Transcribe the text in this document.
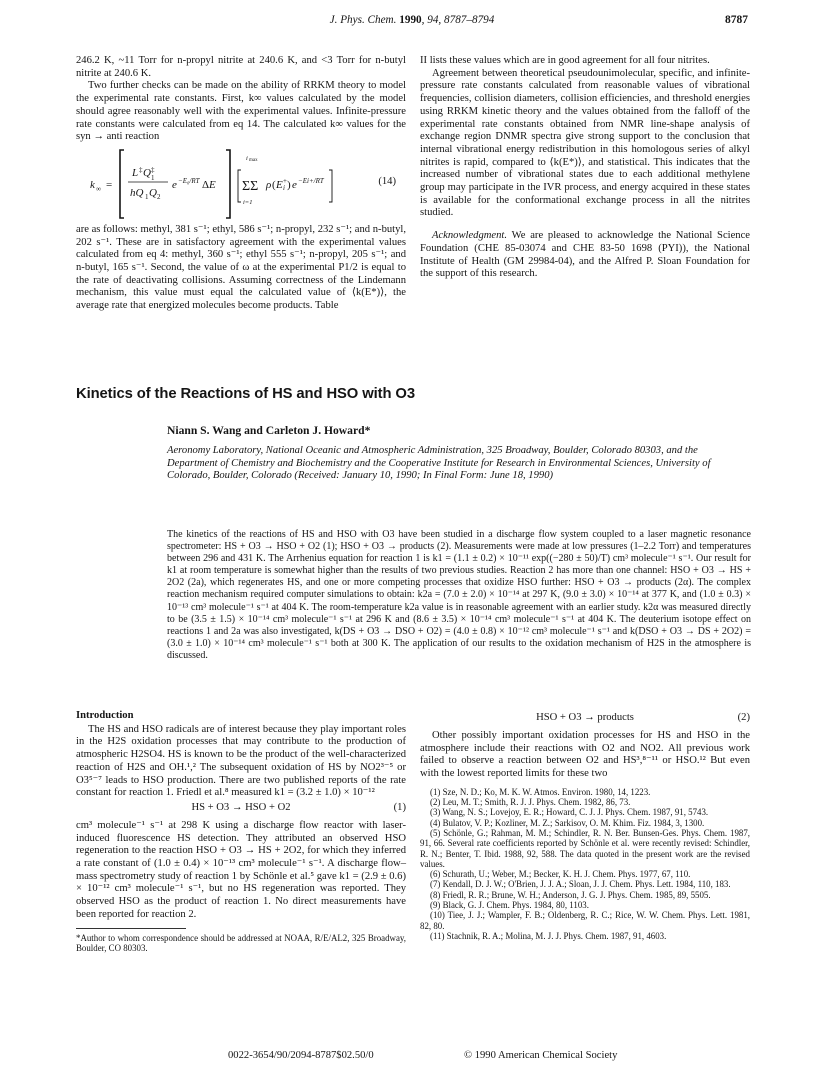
J. Phys. Chem. 1990, 94, 8787–8794	8787

246.2 K, ~11 Torr for n-propyl nitrite at 240.6 K, and <3 Torr for n-butyl nitrite at 240.6 K.

Two further checks can be made on the ability of RRKM theory to model the experimental rate constants. First, k∞ values calculated by the model should agree reasonably well with the experimental values. Infinite-pressure rate constants were calculated from eq 14. The calculated k∞ values for the syn → anti reaction

k ∞ =
L ‡ Q ‡
1
hQ 1 Q 2
e −E₀/RT Δ E
i max
ΣΣ
i=1
ρ ( E i
+ ) e −Ei+/RT	(14)

are as follows: methyl, 381 s⁻¹; ethyl, 586 s⁻¹; n-propyl, 232 s⁻¹; and n-butyl, 202 s⁻¹. These are in satisfactory agreement with the experimental values calculated from eq 4: methyl, 360 s⁻¹; ethyl 555 s⁻¹; n-propyl, 205 s⁻¹; and n-butyl, 165 s⁻¹. Second, the value of ω at the experimental P1/2 is equal to the rate of deactivating collisions. Assuming correctness of the Lindemann mechanism, this value must equal the calculated value of ⟨k(E*)⟩, the average rate that energized molecules become products. Table

II lists these values which are in good agreement for all four nitrites.

Agreement between theoretical pseudounimolecular, specific, and infinite-pressure rate constants calculated from reasonable values of vibrational frequencies, collision diameters, collision efficiencies, and threshold energies using RRKM kinetic theory and the values obtained from the falloff of the experimental rate constants obtained from NMR line-shape analysis of exchange region DNMR spectra give strong support to the conclusion that internal vibrational energy redistribution in this homologous series of alkyl nitrites is rapid, compared to ⟨k(E*)⟩, and statistical. This indicates that the increased number of vibrational states due to each additional methylene group may participate in the IVR process, and energy acquired in these states is available for the conformational exchange process in all the nitrites studied.

Acknowledgment. We are pleased to acknowledge the National Science Foundation (CHE 85-03074 and CHE 83-50 1698 (PYI)), the National Institute of Health (GM 29984-04), and the Alfred P. Sloan Foundation for the support of this research.

Kinetics of the Reactions of HS and HSO with O3
Niann S. Wang and Carleton J. Howard*
Aeronomy Laboratory, National Oceanic and Atmospheric Administration, 325 Broadway, Boulder, Colorado 80303, and the Department of Chemistry and Biochemistry and the Cooperative Institute for Research in Environmental Sciences, University of Colorado, Boulder, Colorado (Received: January 10, 1990; In Final Form: June 18, 1990)
The kinetics of the reactions of HS and HSO with O3 have been studied in a discharge flow system coupled to a laser magnetic resonance spectrometer: HS + O3 → HSO + O2 (1); HSO + O3 → products (2). Measurements were made at low pressures (1–2.2 Torr) and temperatures between 296 and 431 K. The Arrhenius equation for reaction 1 is k1 = (1.1 ± 0.2) × 10⁻¹¹ exp((−280 ± 50)/T) cm³ molecule⁻¹ s⁻¹. Our result for k1 at room temperature is somewhat higher than the results of two previous studies. Reaction 2 has more than one channel: HSO + O3 → HS + 2O2 (2a), which regenerates HS, and one or more competing processes that oxidize HSO further: HSO + O3 → products (2α). The complex reaction mechanism required computer simulations to obtain: k2a = (7.0 ± 2.0) × 10⁻¹⁴ at 297 K, (9.0 ± 3.0) × 10⁻¹⁴ at 377 K, and (1.0 ± 0.3) × 10⁻¹³ cm³ molecule⁻¹ s⁻¹ at 404 K. The room-temperature k2a value is in reasonable agreement with an earlier study. k2α was measured directly to be (3.5 ± 1.5) × 10⁻¹⁴ cm³ molecule⁻¹ s⁻¹ at 296 K and (8.6 ± 3.5) × 10⁻¹⁴ cm³ molecule⁻¹ s⁻¹ at 404 K. The deuterium isotope effect on reactions 1 and 2a was also investigated, k(DS + O3 → DSO + O2) = (4.0 ± 0.8) × 10⁻¹² cm³ molecule⁻¹ s⁻¹ and k(DSO + O3 → DS + 2O2) = (3.0 ± 1.0) × 10⁻¹⁴ cm³ molecule⁻¹ s⁻¹ both at 300 K. The application of our results to the oxidation mechanism of H2S in the atmosphere is discussed.
Introduction

The HS and HSO radicals are of interest because they play important roles in the H2S oxidation processes that may contribute to the production of atmospheric H2SO4. HS is known to be the product of the well-characterized reaction of H2S and OH.¹,² The subsequent oxidation of HS by NO2³⁻⁵ or O3⁵⁻⁷ leads to HSO production. There are two published reports of the rate constant for reaction 1. Friedl et al.⁸ measured k1 = (3.2 ± 1.0) × 10⁻¹²

HS + O3 → HSO + O2	(1)

cm³ molecule⁻¹ s⁻¹ at 298 K using a discharge flow reactor with laser-induced fluorescence HS detection. They attributed an observed HSO regeneration to the reaction HSO + O3 → HS + 2O2, for which they inferred a rate constant of (1.0 ± 0.4) × 10⁻¹³ cm³ molecule⁻¹ s⁻¹. A discharge flow–mass spectrometry study of reaction 1 by Schönle et al.⁵ gave k1 = (2.9 ± 0.6) × 10⁻¹² cm³ molecule⁻¹ s⁻¹, but no HS regeneration was reported. They observed HSO as the product of reaction 1. No direct measurements have been reported for reaction 2.

*Author to whom correspondence should be addressed at NOAA, R/E/AL2, 325 Broadway, Boulder, CO 80303.
HSO + O3 → products	(2)

Other possibly important oxidation processes for HS and HSO in the atmosphere include their reactions with O2 and NO2. All previous work failed to observe a reaction between O2 and HS³,⁸⁻¹¹ or HSO.¹² But even with the lowest reported limits for these two

(1) Sze, N. D.; Ko, M. K. W. Atmos. Environ. 1980, 14, 1223.

(2) Leu, M. T.; Smith, R. J. J. Phys. Chem. 1982, 86, 73.

(3) Wang, N. S.; Lovejoy, E. R.; Howard, C. J. J. Phys. Chem. 1987, 91, 5743.

(4) Bulatov, V. P.; Kozliner, M. Z.; Sarkisov, O. M. Khim. Fiz. 1984, 3, 1300.

(5) Schönle, G.; Rahman, M. M.; Schindler, R. N. Ber. Bunsen-Ges. Phys. Chem. 1987, 91, 66. Several rate coefficients reported by Schönle et al. were recently revised: Schindler, R. N.; Benter, T. Ibid. 1988, 92, 588. The data quoted in the present work are the revised values.

(6) Schurath, U.; Weber, M.; Becker, K. H. J. Chem. Phys. 1977, 67, 110.

(7) Kendall, D. J. W.; O'Brien, J. J. A.; Sloan, J. J. Chem. Phys. Lett. 1984, 110, 183.

(8) Friedl, R. R.; Brune, W. H.; Anderson, J. G. J. Phys. Chem. 1985, 89, 5505.

(9) Black, G. J. Chem. Phys. 1984, 80, 1103.

(10) Tiee, J. J.; Wampler, F. B.; Oldenberg, R. C.; Rice, W. W. Chem. Phys. Lett. 1981, 82, 80.

(11) Stachnik, R. A.; Molina, M. J. J. Phys. Chem. 1987, 91, 4603.

0022-3654/90/2094-8787$02.50/0	© 1990 American Chemical Society
